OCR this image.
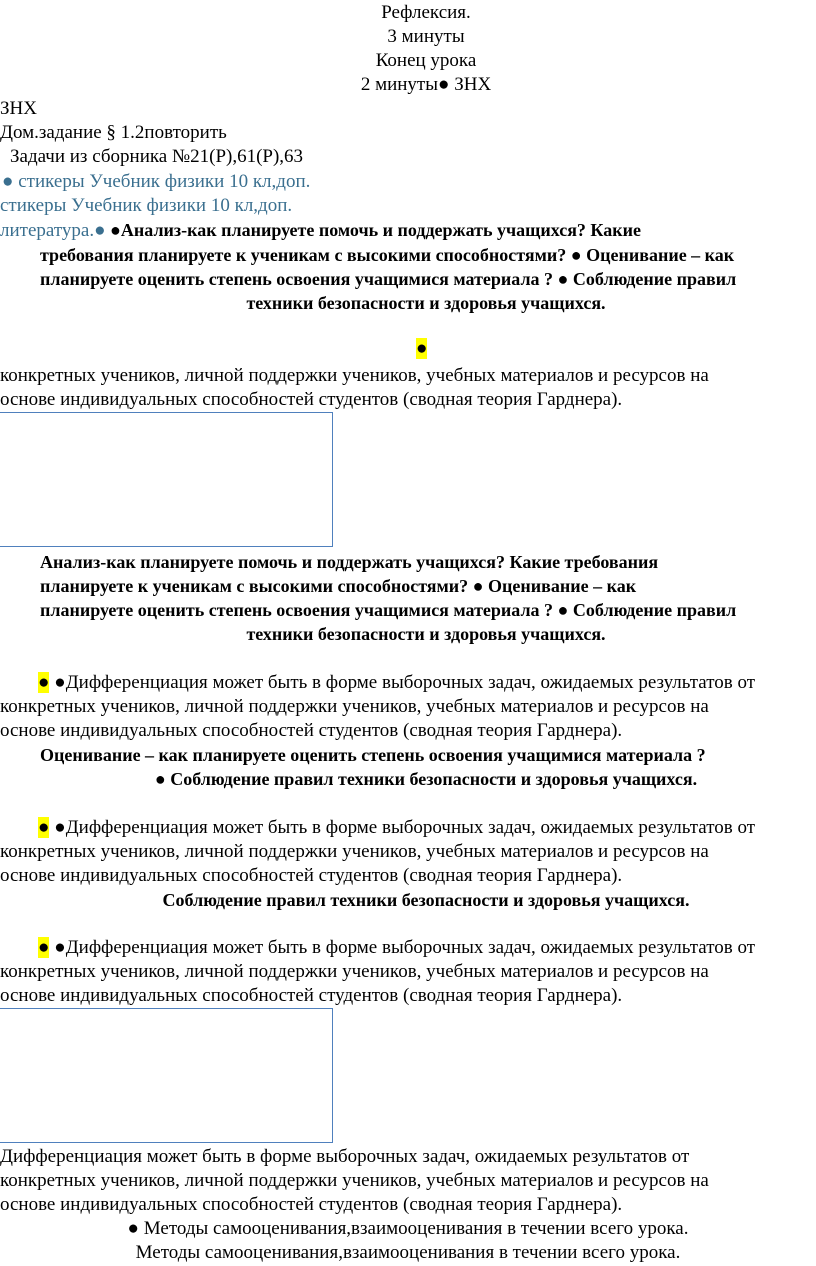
Рефлексия.

3 минуты

Конец урока

2 минуты● ЗНХ

ЗНХ

Дом.задание § 1.2повторить

Задачи из сборника №21(Р),61(Р),63

● стикеры Учебник физики 10 кл,доп.

стикеры Учебник физики 10 кл,доп.

литература.● ●Анализ-как планируете помочь и поддержать учащихся? Какие

требования планируете к ученикам с высокими способностями? ● Оценивание – как

планируете оценить степень освоения учащимися материала ? ● Соблюдение правил

техники безопасности и здоровья учащихся.

●

конкретных учеников, личной поддержки учеников, учебных материалов и ресурсов на

основе индивидуальных способностей студентов (сводная теория Гарднера).

Анализ-как планируете помочь и поддержать учащихся? Какие требования

планируете к ученикам с высокими способностями? ● Оценивание – как

планируете оценить степень освоения учащимися материала ? ● Соблюдение правил

техники безопасности и здоровья учащихся.

● ●Дифференциация может быть в форме выборочных задач, ожидаемых результатов от

конкретных учеников, личной поддержки учеников, учебных материалов и ресурсов на

основе индивидуальных способностей студентов (сводная теория Гарднера).

Оценивание – как планируете оценить степень освоения учащимися материала ?

● Соблюдение правил техники безопасности и здоровья учащихся.

● ●Дифференциация может быть в форме выборочных задач, ожидаемых результатов от

конкретных учеников, личной поддержки учеников, учебных материалов и ресурсов на

основе индивидуальных способностей студентов (сводная теория Гарднера).

Соблюдение правил техники безопасности и здоровья учащихся.

● ●Дифференциация может быть в форме выборочных задач, ожидаемых результатов от

конкретных учеников, личной поддержки учеников, учебных материалов и ресурсов на

основе индивидуальных способностей студентов (сводная теория Гарднера).

Дифференциация может быть в форме выборочных задач, ожидаемых результатов от

конкретных учеников, личной поддержки учеников, учебных материалов и ресурсов на

основе индивидуальных способностей студентов (сводная теория Гарднера).

● Методы самооценивания,взаимооценивания в течении всего урока.

Методы самооценивания,взаимооценивания в течении всего урока.
